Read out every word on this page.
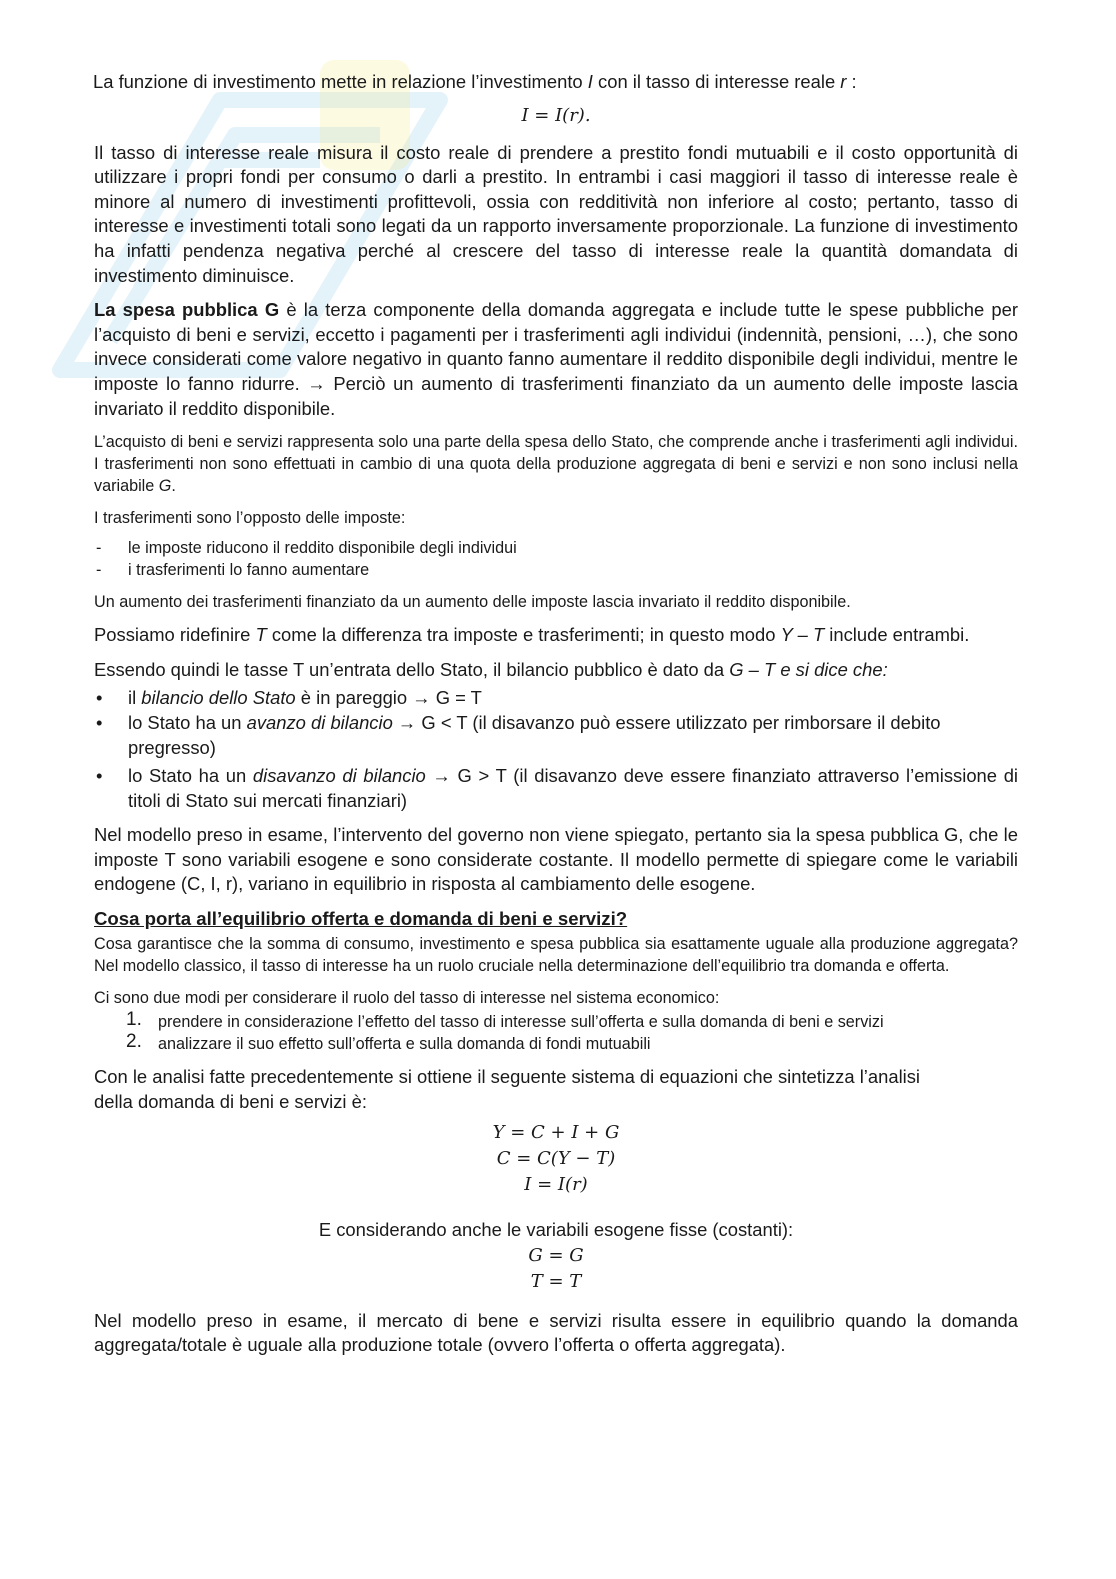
La funzione di investimento mette in relazione l’investimento I con il tasso di interesse reale r :

I = I(r).

Il tasso di interesse reale misura il costo reale di prendere a prestito fondi mutuabili e il costo opportunità di utilizzare i propri fondi per consumo o darli a prestito. In entrambi i casi maggiori il tasso di interesse reale è minore al numero di investimenti profittevoli, ossia con redditività non inferiore al costo; pertanto, tasso di interesse e investimenti totali sono legati da un rapporto inversamente proporzionale. La funzione di investimento ha infatti pendenza negativa perché al crescere del tasso di interesse reale la quantità domandata di investimento diminuisce.

La spesa pubblica G è la terza componente della domanda aggregata e include tutte le spese pubbliche per l’acquisto di beni e servizi, eccetto i pagamenti per i trasferimenti agli individui (indennità, pensioni, …), che sono invece considerati come valore negativo in quanto fanno aumentare il reddito disponibile degli individui, mentre le imposte lo fanno ridurre. → Perciò un aumento di trasferimenti finanziato da un aumento delle imposte lascia invariato il reddito disponibile.

L’acquisto di beni e servizi rappresenta solo una parte della spesa dello Stato, che comprende anche i trasferimenti agli individui. I trasferimenti non sono effettuati in cambio di una quota della produzione aggregata di beni e servizi e non sono inclusi nella variabile G.

I trasferimenti sono l’opposto delle imposte:

- le imposte riducono il reddito disponibile degli individui
- i trasferimenti lo fanno aumentare

Un aumento dei trasferimenti finanziato da un aumento delle imposte lascia invariato il reddito disponibile.

Possiamo ridefinire T come la differenza tra imposte e trasferimenti; in questo modo Y – T include entrambi.

Essendo quindi le tasse T un’entrata dello Stato, il bilancio pubblico è dato da G – T e si dice che:

• il bilancio dello Stato è in pareggio → G = T
• lo Stato ha un avanzo di bilancio → G < T (il disavanzo può essere utilizzato per rimborsare il debito pregresso)
• lo Stato ha un disavanzo di bilancio → G > T (il disavanzo deve essere finanziato attraverso l’emissione di titoli di Stato sui mercati finanziari)

Nel modello preso in esame, l’intervento del governo non viene spiegato, pertanto sia la spesa pubblica G, che le imposte T sono variabili esogene e sono considerate costante. Il modello permette di spiegare come le variabili endogene (C, I, r), variano in equilibrio in risposta al cambiamento delle esogene.

Cosa porta all’equilibrio offerta e domanda di beni e servizi?

Cosa garantisce che la somma di consumo, investimento e spesa pubblica sia esattamente uguale alla produzione aggregata? Nel modello classico, il tasso di interesse ha un ruolo cruciale nella determinazione dell’equilibrio tra domanda e offerta.

Ci sono due modi per considerare il ruolo del tasso di interesse nel sistema economico:

1. prendere in considerazione l’effetto del tasso di interesse sull’offerta e sulla domanda di beni e servizi
2. analizzare il suo effetto sull’offerta e sulla domanda di fondi mutuabili

Con le analisi fatte precedentemente si ottiene il seguente sistema di equazioni che sintetizza l’analisi della domanda di beni e servizi è:

Y = C + I + G

C = C(Y − T)

I = I(r)

E considerando anche le variabili esogene fisse (costanti):

G = G

T = T

Nel modello preso in esame, il mercato di bene e servizi risulta essere in equilibrio quando la domanda aggregata/totale è uguale alla produzione totale (ovvero l’offerta o offerta aggregata).
